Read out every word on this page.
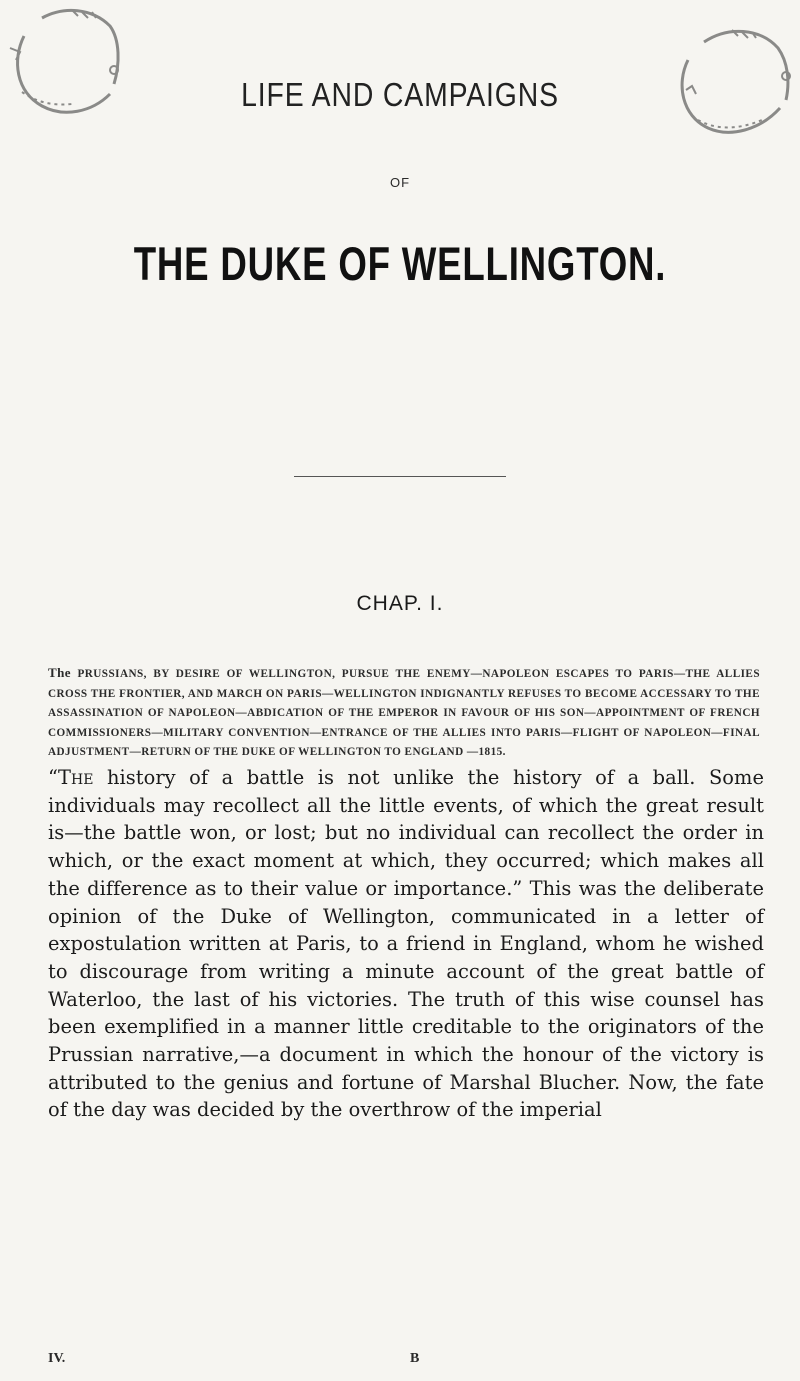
LIFE AND CAMPAIGNS
OF
THE DUKE OF WELLINGTON.
CHAP. I.
The PRUSSIANS, BY DESIRE OF WELLINGTON, PURSUE THE ENEMY—NAPOLEON ESCAPES TO PARIS—THE ALLIES CROSS THE FRONTIER, AND MARCH ON PARIS—WELLINGTON INDIGNANTLY REFUSES TO BECOME ACCESSARY TO THE ASSASSINATION OF NAPOLEON—ABDICATION OF THE EMPEROR IN FAVOUR OF HIS SON—APPOINTMENT OF FRENCH COMMISSIONERS—MILITARY CONVENTION—ENTRANCE OF THE ALLIES INTO PARIS—FLIGHT OF NAPOLEON—FINAL ADJUSTMENT—RETURN OF THE DUKE OF WELLINGTON TO ENGLAND —1815.
“The history of a battle is not unlike the history of a ball. Some individuals may recollect all the little events, of which the great result is—the battle won, or lost; but no individual can recollect the order in which, or the exact moment at which, they occurred; which makes all the difference as to their value or importance.” This was the deliberate opinion of the Duke of Wellington, communicated in a letter of expostulation written at Paris, to a friend in England, whom he wished to discourage from writing a minute account of the great battle of Waterloo, the last of his victories. The truth of this wise counsel has been exemplified in a manner little creditable to the originators of the Prussian narrative,—a document in which the honour of the victory is attributed to the genius and fortune of Marshal Blucher. Now, the fate of the day was decided by the overthrow of the imperial
IV.	B
